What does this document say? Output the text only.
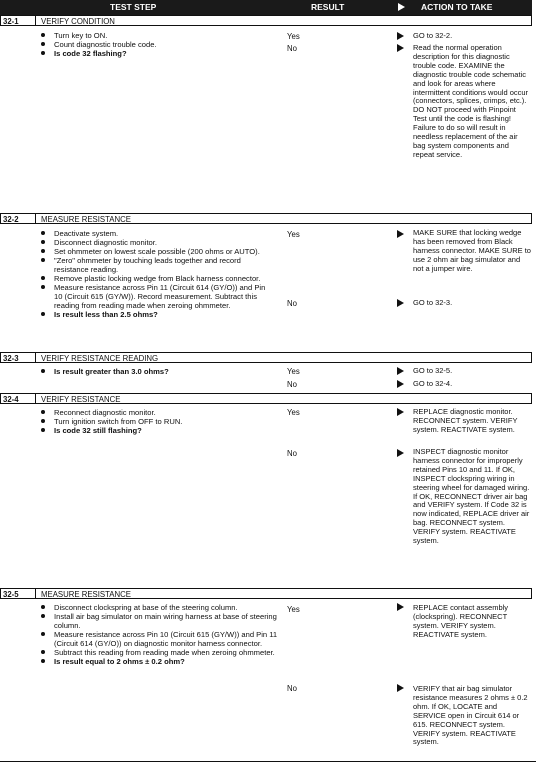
TEST STEP	RESULT	ACTION TO TAKE
32-1	VERIFY CONDITION
Turn key to ON.
Count diagnostic trouble code.
Is code 32 flashing?
Yes	GO to 32-2.
No	Read the normal operation description for this diagnostic trouble code. EXAMINE the diagnostic trouble code schematic and look for areas where intermittent conditions would occur (connectors, splices, crimps, etc.). DO NOT proceed with Pinpoint Test until the code is flashing! Failure to do so will result in needless replacement of the air bag system components and repeat service.
32-2	MEASURE RESISTANCE
Deactivate system.
Disconnect diagnostic monitor.
Set ohmmeter on lowest scale possible (200 ohms or AUTO).
"Zero" ohmmeter by touching leads together and record resistance reading.
Remove plastic locking wedge from Black harness connector.
Measure resistance across Pin 11 (Circuit 614 (GY/O)) and Pin 10 (Circuit 615 (GY/W)). Record measurement. Subtract this reading from reading made when zeroing ohmmeter.
Is result less than 2.5 ohms?
Yes	MAKE SURE that locking wedge has been removed from Black harness connector. MAKE SURE to use 2 ohm air bag simulator and not a jumper wire.
No	GO to 32-3.
32-3	VERIFY RESISTANCE READING
Is result greater than 3.0 ohms?	Yes	GO to 32-5.
No	GO to 32-4.
32-4	VERIFY RESISTANCE
Reconnect diagnostic monitor.
Turn ignition switch from OFF to RUN.
Is code 32 still flashing?
Yes	REPLACE diagnostic monitor. RECONNECT system. VERIFY system. REACTIVATE system.
No	INSPECT diagnostic monitor harness connector for improperly retained Pins 10 and 11. If OK, INSPECT clockspring wiring in steering wheel for damaged wiring. If OK, RECONNECT driver air bag and VERIFY system. If Code 32 is now indicated, REPLACE driver air bag. RECONNECT system. VERIFY system. REACTIVATE system.
32-5	MEASURE RESISTANCE
Disconnect clockspring at base of the steering column.
Install air bag simulator on main wiring harness at base of steering column.
Measure resistance across Pin 10 (Circuit 615 (GY/W)) and Pin 11 (Circuit 614 (GY/O)) on diagnostic monitor harness connector.
Subtract this reading from reading made when zeroing ohmmeter.
Is result equal to 2 ohms ± 0.2 ohm?
Yes	REPLACE contact assembly (clockspring). RECONNECT system. VERIFY system. REACTIVATE system.
No	VERIFY that air bag simulator resistance measures 2 ohms ± 0.2 ohm. If OK, LOCATE and SERVICE open in Circuit 614 or 615. RECONNECT system. VERIFY system. REACTIVATE system.
